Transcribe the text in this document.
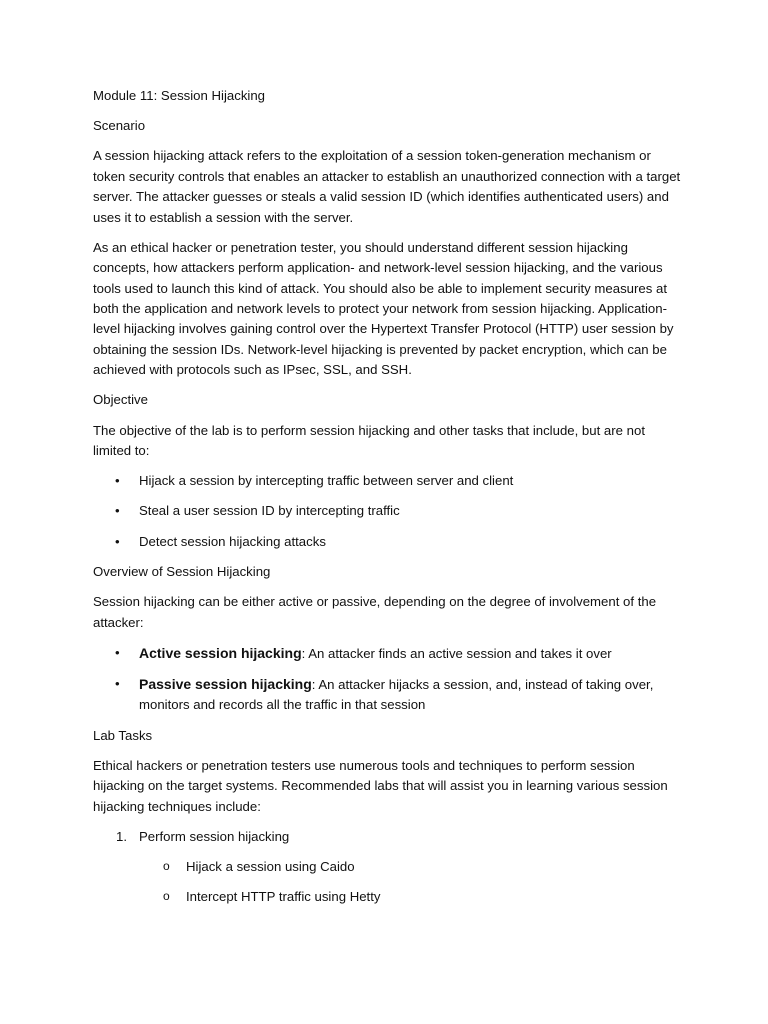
Module 11: Session Hijacking

Scenario

A session hijacking attack refers to the exploitation of a session token-generation mechanism or token security controls that enables an attacker to establish an unauthorized connection with a target server. The attacker guesses or steals a valid session ID (which identifies authenticated users) and uses it to establish a session with the server.

As an ethical hacker or penetration tester, you should understand different session hijacking concepts, how attackers perform application- and network-level session hijacking, and the various tools used to launch this kind of attack. You should also be able to implement security measures at both the application and network levels to protect your network from session hijacking. Application-level hijacking involves gaining control over the Hypertext Transfer Protocol (HTTP) user session by obtaining the session IDs. Network-level hijacking is prevented by packet encryption, which can be achieved with protocols such as IPsec, SSL, and SSH.

Objective

The objective of the lab is to perform session hijacking and other tasks that include, but are not limited to:

• Hijack a session by intercepting traffic between server and client
• Steal a user session ID by intercepting traffic
• Detect session hijacking attacks

Overview of Session Hijacking

Session hijacking can be either active or passive, depending on the degree of involvement of the attacker:

• Active session hijacking: An attacker finds an active session and takes it over
• Passive session hijacking: An attacker hijacks a session, and, instead of taking over, monitors and records all the traffic in that session

Lab Tasks

Ethical hackers or penetration testers use numerous tools and techniques to perform session hijacking on the target systems. Recommended labs that will assist you in learning various session hijacking techniques include:

1. Perform session hijacking
o Hijack a session using Caido
o Intercept HTTP traffic using Hetty
